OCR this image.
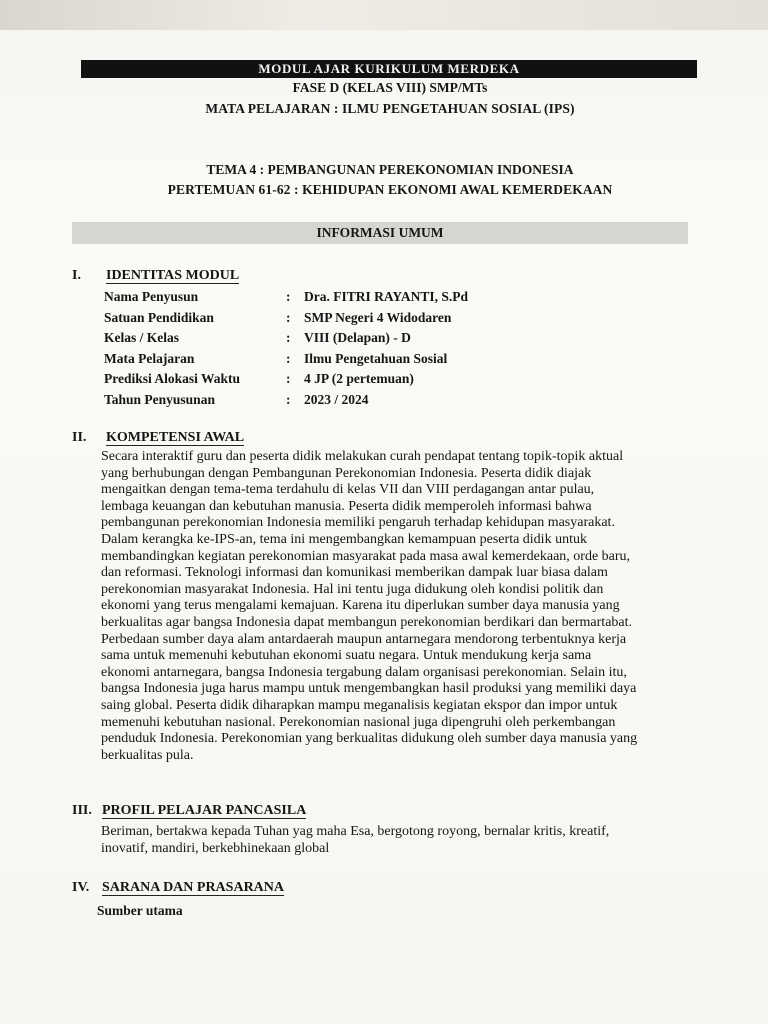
MODUL AJAR KURIKULUM MERDEKA
FASE D (KELAS VIII) SMP/MTs
MATA PELAJARAN : ILMU PENGETAHUAN SOSIAL (IPS)
TEMA 4 : PEMBANGUNAN PEREKONOMIAN INDONESIA
PERTEMUAN 61-62 : KEHIDUPAN EKONOMI AWAL KEMERDEKAAN
INFORMASI UMUM
I. IDENTITAS MODUL
Nama Penyusun	:	Dra. FITRI RAYANTI, S.Pd
Satuan Pendidikan	:	SMP Negeri 4 Widodaren
Kelas / Kelas	:	VIII (Delapan) - D
Mata Pelajaran	:	Ilmu Pengetahuan Sosial
Prediksi Alokasi Waktu	:	4 JP (2 pertemuan)
Tahun Penyusunan	:	2023 / 2024
II. KOMPETENSI AWAL
Secara interaktif guru dan peserta didik melakukan curah pendapat tentang topik-topik aktual
yang berhubungan dengan Pembangunan Perekonomian Indonesia. Peserta didik diajak
mengaitkan dengan tema-tema terdahulu di kelas VII dan VIII perdagangan antar pulau,
lembaga keuangan dan kebutuhan manusia. Peserta didik memperoleh informasi bahwa
pembangunan perekonomian Indonesia memiliki pengaruh terhadap kehidupan masyarakat.
Dalam kerangka ke-IPS-an, tema ini mengembangkan kemampuan peserta didik untuk
membandingkan kegiatan perekonomian masyarakat pada masa awal kemerdekaan, orde baru,
dan reformasi. Teknologi informasi dan komunikasi memberikan dampak luar biasa dalam
perekonomian masyarakat Indonesia. Hal ini tentu juga didukung oleh kondisi politik dan
ekonomi yang terus mengalami kemajuan. Karena itu diperlukan sumber daya manusia yang
berkualitas agar bangsa Indonesia dapat membangun perekonomian berdikari dan bermartabat.
Perbedaan sumber daya alam antardaerah maupun antarnegara mendorong terbentuknya kerja
sama untuk memenuhi kebutuhan ekonomi suatu negara. Untuk mendukung kerja sama
ekonomi antarnegara, bangsa Indonesia tergabung dalam organisasi perekonomian. Selain itu,
bangsa Indonesia juga harus mampu untuk mengembangkan hasil produksi yang memiliki daya
saing global. Peserta didik diharapkan mampu meganalisis kegiatan ekspor dan impor untuk
memenuhi kebutuhan nasional. Perekonomian nasional juga dipengruhi oleh perkembangan
penduduk Indonesia. Perekonomian yang berkualitas didukung oleh sumber daya manusia yang
berkualitas pula.
III. PROFIL PELAJAR PANCASILA
Beriman, bertakwa kepada Tuhan yag maha Esa, bergotong royong, bernalar kritis, kreatif,
inovatif, mandiri, berkebhinekaan global
IV. SARANA DAN PRASARANA
Sumber utama
